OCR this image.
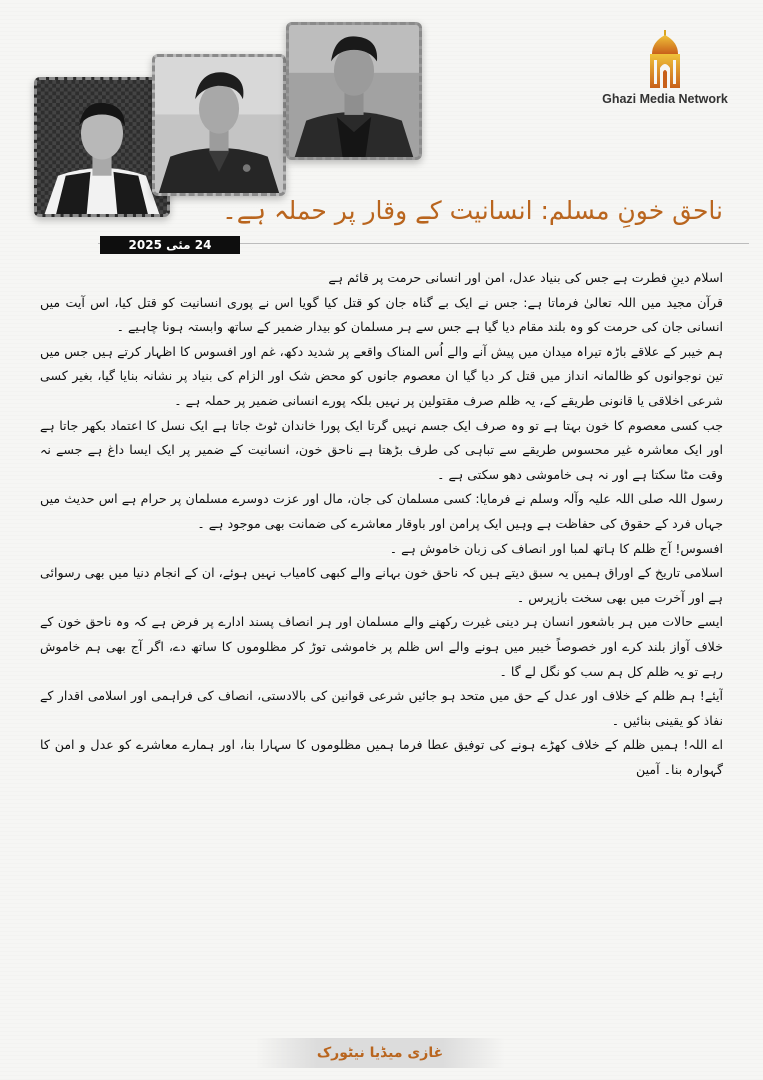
Ghazi Media Network
ناحق خونِ مسلم: انسانیت کے وقار پر حملہ ہے۔
24 مئی 2025

اسلام دینِ فطرت ہے جس کی بنیاد عدل، امن اور انسانی حرمت پر قائم ہے

قرآن مجید میں اللہ تعالیٰ فرماتا ہے: جس نے ایک بے گناہ جان کو قتل کیا گویا اس نے پوری انسانیت کو قتل کیا، اس آیت میں انسانی جان کی حرمت کو وہ بلند مقام دیا گیا ہے جس سے ہر مسلمان کو بیدار ضمیر کے ساتھ وابستہ ہونا چاہیے ۔

ہم خیبر کے علاقے باڑہ تیراہ میدان میں پیش آنے والے اُس المناک واقعے پر شدید دکھ، غم اور افسوس کا اظہار کرتے ہیں جس میں تین نوجوانوں کو ظالمانہ انداز میں قتل کر دیا گیا ان معصوم جانوں کو محض شک اور الزام کی بنیاد پر نشانہ بنایا گیا، بغیر کسی شرعی اخلاقی یا قانونی طریقے کے، یہ ظلم صرف مقتولین پر نہیں بلکہ پورے انسانی ضمیر پر حملہ ہے ۔

جب کسی معصوم کا خون بہتا ہے تو وہ صرف ایک جسم نہیں گرتا ایک پورا خاندان ٹوٹ جاتا ہے ایک نسل کا اعتماد بکھر جاتا ہے اور ایک معاشرہ غیر محسوس طریقے سے تباہی کی طرف بڑھتا ہے ناحق خون، انسانیت کے ضمیر پر ایک ایسا داغ ہے جسے نہ وقت مٹا سکتا ہے اور نہ ہی خاموشی دھو سکتی ہے ۔

رسول اللہ صلی اللہ علیہ وآلہ وسلم نے فرمایا: کسی مسلمان کی جان، مال اور عزت دوسرے مسلمان پر حرام ہے اس حدیث میں جہاں فرد کے حقوق کی حفاظت ہے وہیں ایک پرامن اور باوقار معاشرے کی ضمانت بھی موجود ہے ۔

افسوس! آج ظلم کا ہاتھ لمبا اور انصاف کی زبان خاموش ہے ۔

اسلامی تاریخ کے اوراق ہمیں یہ سبق دیتے ہیں کہ ناحق خون بہانے والے کبھی کامیاب نہیں ہوئے، ان کے انجام دنیا میں بھی رسوائی ہے اور آخرت میں بھی سخت بازپرس ۔

ایسے حالات میں ہر باشعور انسان ہر دینی غیرت رکھنے والے مسلمان اور ہر انصاف پسند ادارے پر فرض ہے کہ وہ ناحق خون کے خلاف آواز بلند کرے اور خصوصاً خیبر میں ہونے والے اس ظلم پر خاموشی توڑ کر مظلوموں کا ساتھ دے، اگر آج بھی ہم خاموش رہے تو یہ ظلم کل ہم سب کو نگل لے گا ۔

آیئے! ہم ظلم کے خلاف اور عدل کے حق میں متحد ہو جائیں شرعی قوانین کی بالادستی، انصاف کی فراہمی اور اسلامی اقدار کے نفاذ کو یقینی بنائیں ۔

اے اللہ! ہمیں ظلم کے خلاف کھڑے ہونے کی توفیق عطا فرما ہمیں مظلوموں کا سہارا بنا، اور ہمارے معاشرے کو عدل و امن کا گہوارہ بنا۔ آمین

غازی میڈیا نیٹورک
